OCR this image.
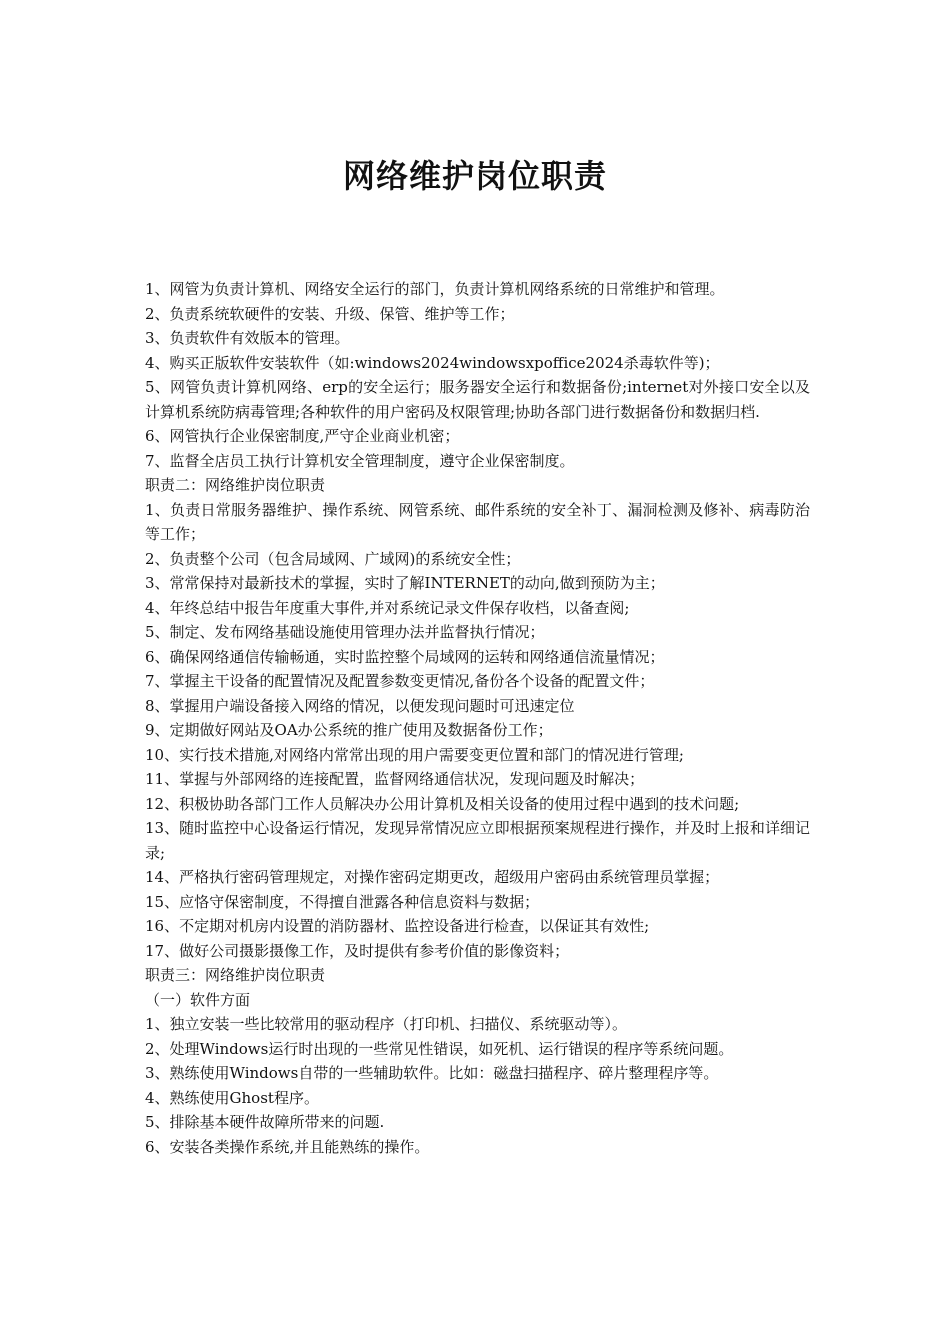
网络维护岗位职责

1、网管为负责计算机、网络安全运行的部门，负责计算机网络系统的日常维护和管理。

2、负责系统软硬件的安装、升级、保管、维护等工作；

3、负责软件有效版本的管理。

4、购买正版软件安装软件（如:windows2024windowsxpoffice2024杀毒软件等)；

5、网管负责计算机网络、erp的安全运行；服务器安全运行和数据备份;internet对外接口安全以及计算机系统防病毒管理;各种软件的用户密码及权限管理;协助各部门进行数据备份和数据归档.

6、网管执行企业保密制度,严守企业商业机密；

7、监督全店员工执行计算机安全管理制度，遵守企业保密制度。

职责二：网络维护岗位职责

1、负责日常服务器维护、操作系统、网管系统、邮件系统的安全补丁、漏洞检测及修补、病毒防治等工作；

2、负责整个公司（包含局域网、广域网)的系统安全性；

3、常常保持对最新技术的掌握，实时了解INTERNET的动向,做到预防为主；

4、年终总结中报告年度重大事件,并对系统记录文件保存收档，以备查阅;

5、制定、发布网络基础设施使用管理办法并监督执行情况；

6、确保网络通信传输畅通，实时监控整个局域网的运转和网络通信流量情况；

7、掌握主干设备的配置情况及配置参数变更情况,备份各个设备的配置文件；

8、掌握用户端设备接入网络的情况，以便发现问题时可迅速定位

9、定期做好网站及OA办公系统的推广使用及数据备份工作；

10、实行技术措施,对网络内常常出现的用户需要变更位置和部门的情况进行管理;

11、掌握与外部网络的连接配置，监督网络通信状况，发现问题及时解决；

12、积极协助各部门工作人员解决办公用计算机及相关设备的使用过程中遇到的技术问题;

13、随时监控中心设备运行情况，发现异常情况应立即根据预案规程进行操作，并及时上报和详细记录;

14、严格执行密码管理规定，对操作密码定期更改，超级用户密码由系统管理员掌握；

15、应恪守保密制度，不得擅自泄露各种信息资料与数据；

16、不定期对机房内设置的消防器材、监控设备进行检查，以保证其有效性;

17、做好公司摄影摄像工作，及时提供有参考价值的影像资料；

职责三：网络维护岗位职责

（一）软件方面

1、独立安装一些比较常用的驱动程序（打印机、扫描仪、系统驱动等）。

2、处理Windows运行时出现的一些常见性错误，如死机、运行错误的程序等系统问题。

3、熟练使用Windows自带的一些辅助软件。比如：磁盘扫描程序、碎片整理程序等。

4、熟练使用Ghost程序。

5、排除基本硬件故障所带来的问题.

6、安装各类操作系统,并且能熟练的操作。
